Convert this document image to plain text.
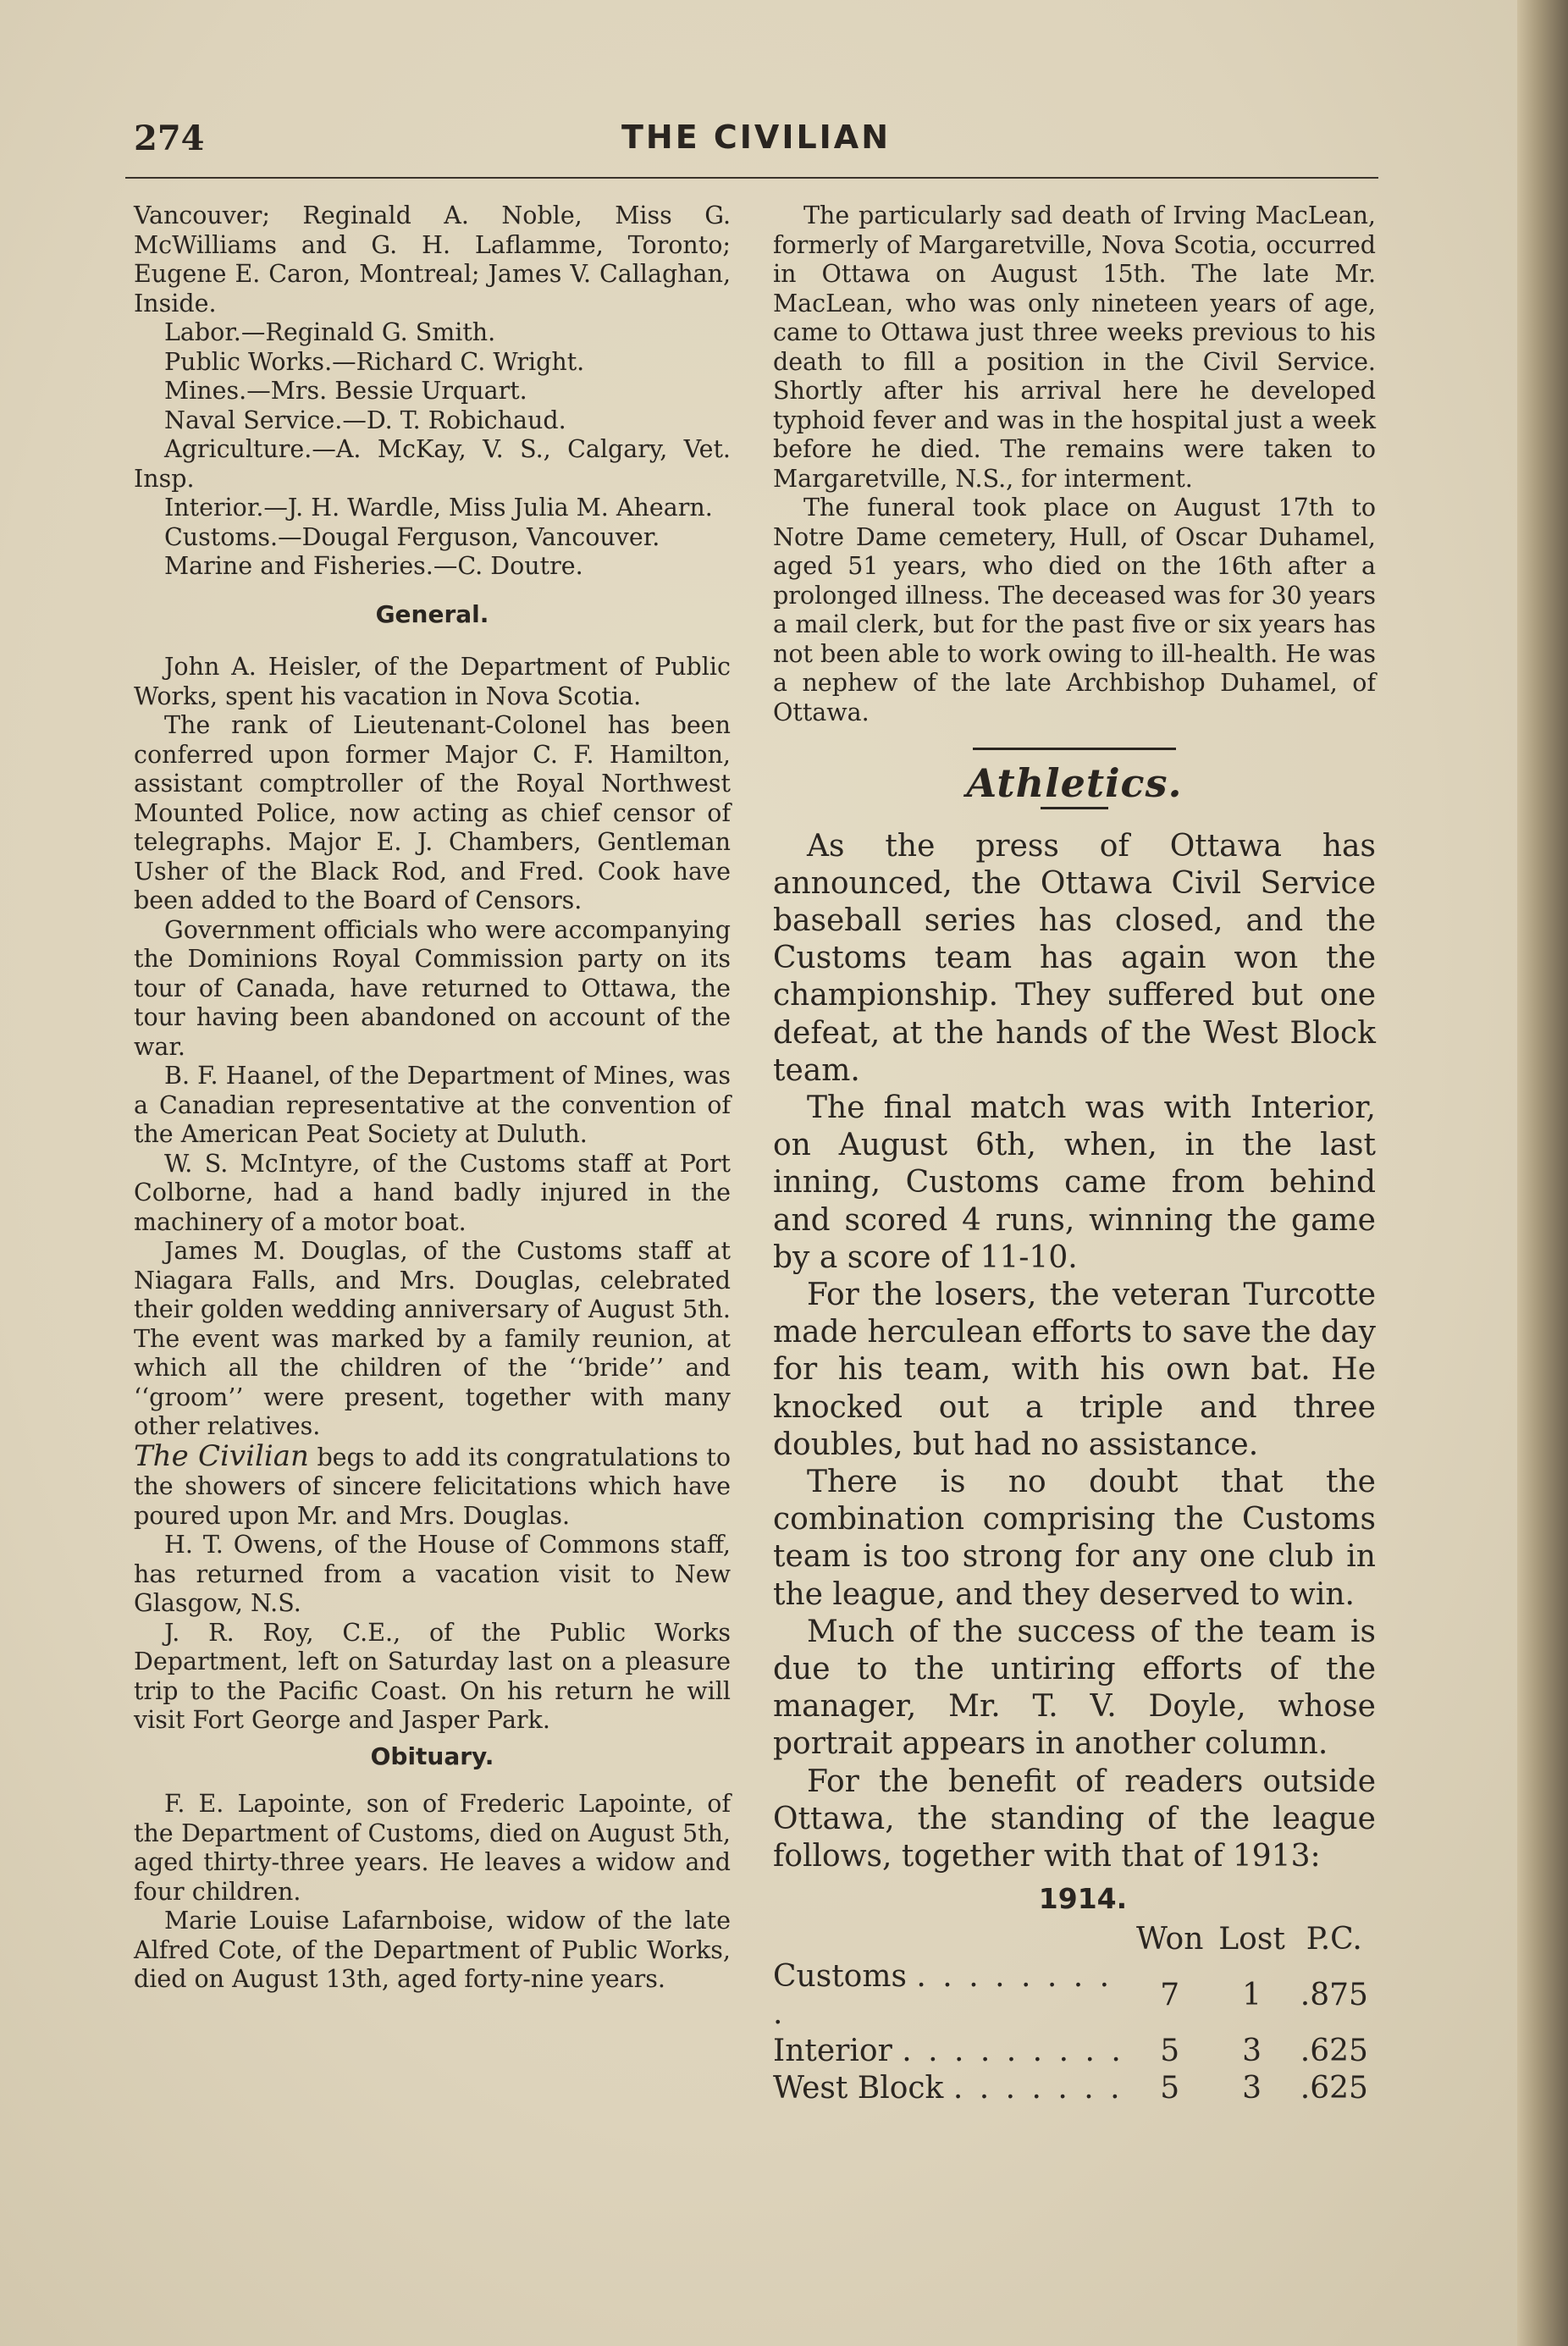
274	THE CIVILIAN

Vancouver; Reginald A. Noble, Miss G. McWilliams and G. H. Laflamme, Toronto; Eugene E. Caron, Montreal; James V. Callaghan, Inside.

Labor.—Reginald G. Smith.

Public Works.—Richard C. Wright.

Mines.—Mrs. Bessie Urquart.

Naval Service.—D. T. Robichaud.

Agriculture.—A. McKay, V. S., Calgary, Vet. Insp.

Interior.—J. H. Wardle, Miss Julia M. Ahearn.

Customs.—Dougal Ferguson, Vancouver.

Marine and Fisheries.—C. Doutre.

General.

John A. Heisler, of the Department of Public Works, spent his vacation in Nova Scotia.

The rank of Lieutenant-Colonel has been conferred upon former Major C. F. Hamilton, assistant comptroller of the Royal Northwest Mounted Police, now acting as chief censor of telegraphs. Major E. J. Chambers, Gentleman Usher of the Black Rod, and Fred. Cook have been added to the Board of Censors.

Government officials who were accompanying the Dominions Royal Commission party on its tour of Canada, have returned to Ottawa, the tour having been abandoned on account of the war.

B. F. Haanel, of the Department of Mines, was a Canadian representative at the convention of the American Peat Society at Duluth.

W. S. McIntyre, of the Customs staff at Port Colborne, had a hand badly injured in the machinery of a motor boat.

James M. Douglas, of the Customs staff at Niagara Falls, and Mrs. Douglas, celebrated their golden wedding anniversary of August 5th. The event was marked by a family reunion, at which all the children of the ‘‘bride’’ and ‘‘groom’’ were present, together with many other relatives.

The Civilian begs to add its congratulations to the showers of sincere felicitations which have poured upon Mr. and Mrs. Douglas.

H. T. Owens, of the House of Commons staff, has returned from a vacation visit to New Glasgow, N.S.

J. R. Roy, C.E., of the Public Works Department, left on Saturday last on a pleasure trip to the Pacific Coast. On his return he will visit Fort George and Jasper Park.

Obituary.

F. E. Lapointe, son of Frederic Lapointe, of the Department of Customs, died on August 5th, aged thirty-three years. He leaves a widow and four children.

Marie Louise Lafarnboise, widow of the late Alfred Cote, of the Department of Public Works, died on August 13th, aged forty-nine years.

The particularly sad death of Irving MacLean, formerly of Margaretville, Nova Scotia, occurred in Ottawa on August 15th. The late Mr. MacLean, who was only nineteen years of age, came to Ottawa just three weeks previous to his death to fill a position in the Civil Service. Shortly after his arrival here he developed typhoid fever and was in the hospital just a week before he died. The remains were taken to Margaretville, N.S., for interment.

The funeral took place on August 17th to Notre Dame cemetery, Hull, of Oscar Duhamel, aged 51 years, who died on the 16th after a prolonged illness. The deceased was for 30 years a mail clerk, but for the past five or six years has not been able to work owing to ill-health. He was a nephew of the late Archbishop Duhamel, of Ottawa.

Athletics.

As the press of Ottawa has announced, the Ottawa Civil Service baseball series has closed, and the Customs team has again won the championship. They suffered but one defeat, at the hands of the West Block team.

The final match was with Interior, on August 6th, when, in the last inning, Customs came from behind and scored 4 runs, winning the game by a score of 11-10.

For the losers, the veteran Turcotte made herculean efforts to save the day for his team, with his own bat. He knocked out a triple and three doubles, but had no assistance.

There is no doubt that the combination comprising the Customs team is too strong for any one club in the league, and they deserved to win.

Much of the success of the team is due to the untiring efforts of the manager, Mr. T. V. Doyle, whose portrait appears in another column.

For the benefit of readers outside Ottawa, the standing of the league follows, together with that of 1913:

1914.
	Won	Lost	P.C.
Customs . . . . . . . . .	7	1	.875
Interior . . . . . . . . .	5	3	.625
West Block . . . . . . .	5	3	.625
